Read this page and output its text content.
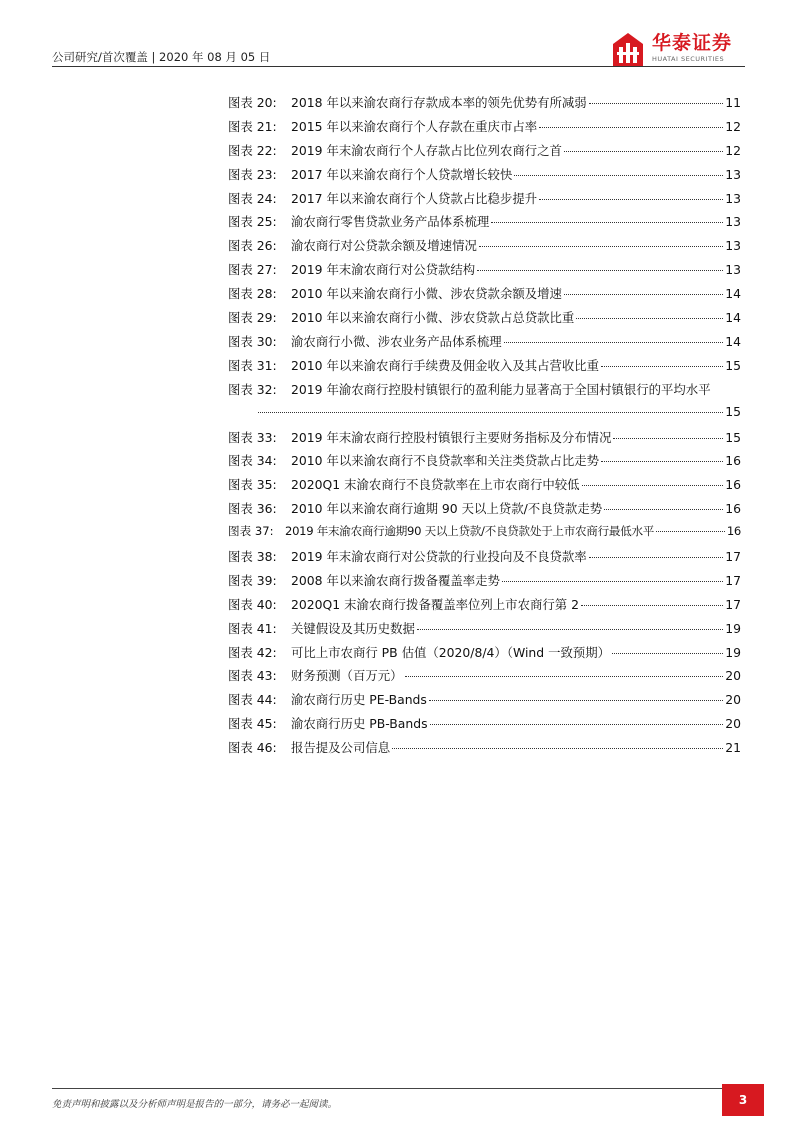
公司研究/首次覆盖 | 2020 年 08 月 05 日
华泰证券
HUATAI SECURITIES
图表 20:	2018 年以来渝农商行存款成本率的领先优势有所减弱	11
图表 21:	2015 年以来渝农商行个人存款在重庆市占率	12
图表 22:	2019 年末渝农商行个人存款占比位列农商行之首	12
图表 23:	2017 年以来渝农商行个人贷款增长较快	13
图表 24:	2017 年以来渝农商行个人贷款占比稳步提升	13
图表 25:	渝农商行零售贷款业务产品体系梳理	13
图表 26:	渝农商行对公贷款余额及增速情况	13
图表 27:	2019 年末渝农商行对公贷款结构	13
图表 28:	2010 年以来渝农商行小微、涉农贷款余额及增速	14
图表 29:	2010 年以来渝农商行小微、涉农贷款占总贷款比重	14
图表 30:	渝农商行小微、涉农业务产品体系梳理	14
图表 31:	2010 年以来渝农商行手续费及佣金收入及其占营收比重	15
图表 32:	2019 年渝农商行控股村镇银行的盈利能力显著高于全国村镇银行的平均水平
15
图表 33:	2019 年末渝农商行控股村镇银行主要财务指标及分布情况	15
图表 34:	2010 年以来渝农商行不良贷款率和关注类贷款占比走势	16
图表 35:	2020Q1 末渝农商行不良贷款率在上市农商行中较低	16
图表 36:	2010 年以来渝农商行逾期 90 天以上贷款/不良贷款走势	16
图表 37: 2019 年末渝农商行逾期90 天以上贷款/不良贷款处于上市农商行最低水平	16
图表 38:	2019 年末渝农商行对公贷款的行业投向及不良贷款率	17
图表 39:	2008 年以来渝农商行拨备覆盖率走势	17
图表 40:	2020Q1 末渝农商行拨备覆盖率位列上市农商行第 2	17
图表 41:	关键假设及其历史数据	19
图表 42:	可比上市农商行 PB 估值（2020/8/4）（Wind 一致预期）	19
图表 43:	财务预测（百万元）	20
图表 44:	渝农商行历史 PE-Bands	20
图表 45:	渝农商行历史 PB-Bands	20
图表 46:	报告提及公司信息	21
免责声明和披露以及分析师声明是报告的一部分，请务必一起阅读。	3
